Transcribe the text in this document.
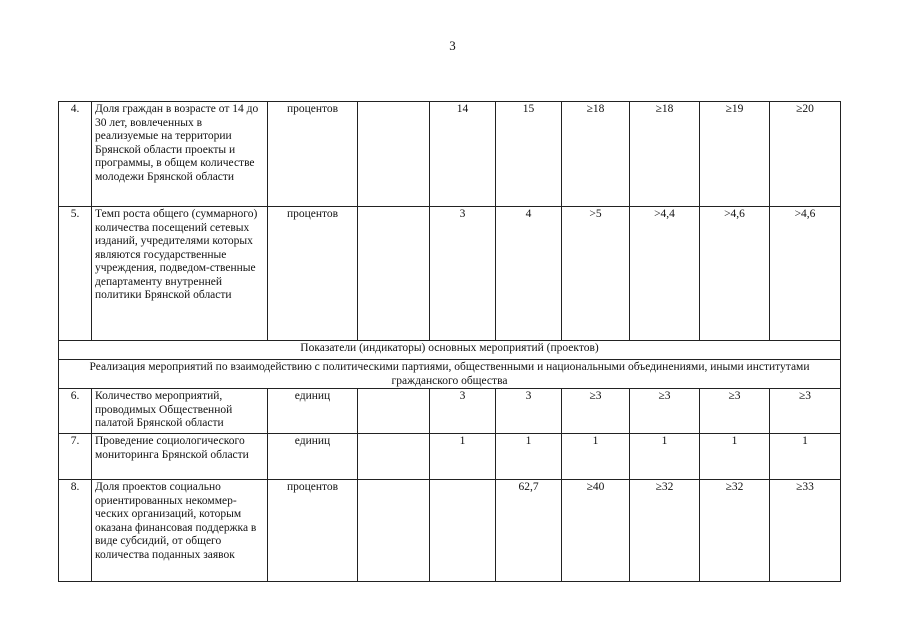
3
4.	Доля граждан в возрасте от 14 до 30 лет, вовлеченных в реализуемые на территории Брянской области проекты и программы, в общем количестве молодежи Брянской области	процентов		14	15	≥18	≥18	≥19	≥20
5.	Темп роста общего (суммарного) количества посещений сетевых изданий, учредителями которых являются государственные учреждения, подведом-ственные департаменту внутренней политики Брянской области	процентов		3	4	>5	>4,4	>4,6	>4,6
Показатели (индикаторы) основных мероприятий (проектов)									
Реализация мероприятий по взаимодействию с политическими партиями, общественными и национальными объединениями, иными институтами гражданского общества									
6.	Количество мероприятий, проводимых Общественной палатой Брянской области	единиц		3	3	≥3	≥3	≥3	≥3
7.	Проведение социологического мониторинга Брянской области	единиц		1	1	1	1	1	1
8.	Доля проектов социально ориентированных некоммер-ческих организаций, которым оказана финансовая поддержка в виде субсидий, от общего количества поданных заявок	процентов			62,7	≥40	≥32	≥32	≥33
